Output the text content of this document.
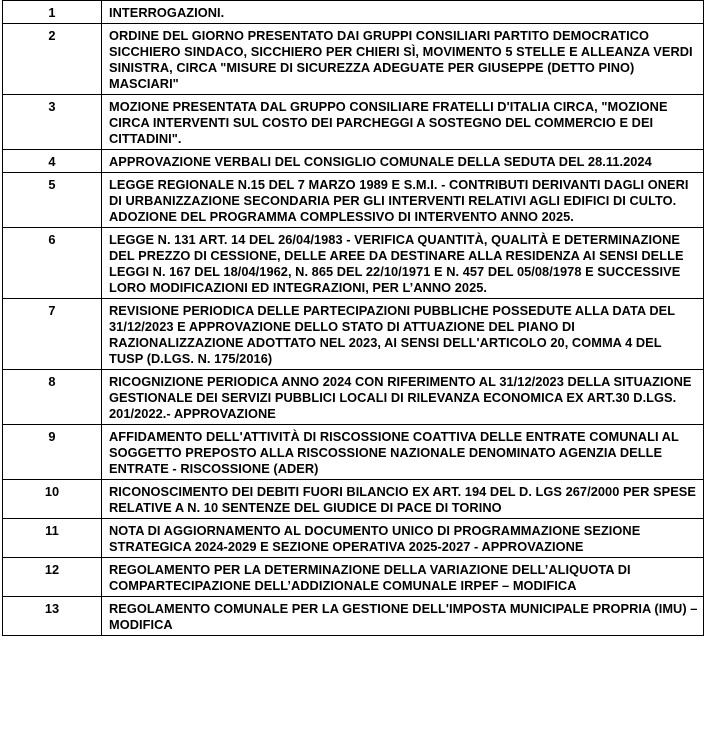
1	INTERROGAZIONI.
2	ORDINE DEL GIORNO PRESENTATO DAI GRUPPI CONSILIARI PARTITO DEMOCRATICO SICCHIERO SINDACO, SICCHIERO PER CHIERI SÌ, MOVIMENTO 5 STELLE E ALLEANZA VERDI SINISTRA, CIRCA "MISURE DI SICUREZZA ADEGUATE PER GIUSEPPE (DETTO PINO) MASCIARI"
3	MOZIONE PRESENTATA DAL GRUPPO CONSILIARE FRATELLI D'ITALIA CIRCA, "MOZIONE CIRCA INTERVENTI SUL COSTO DEI PARCHEGGI A SOSTEGNO DEL COMMERCIO E DEI CITTADINI".
4	APPROVAZIONE VERBALI DEL CONSIGLIO COMUNALE DELLA SEDUTA DEL 28.11.2024
5	LEGGE REGIONALE N.15 DEL 7 MARZO 1989 E S.M.I. - CONTRIBUTI DERIVANTI DAGLI ONERI DI URBANIZZAZIONE SECONDARIA PER GLI INTERVENTI RELATIVI AGLI EDIFICI DI CULTO. ADOZIONE DEL PROGRAMMA COMPLESSIVO DI INTERVENTO ANNO 2025.
6	LEGGE N. 131 ART. 14 DEL 26/04/1983 - VERIFICA QUANTITÀ, QUALITÀ E DETERMINAZIONE DEL PREZZO DI CESSIONE, DELLE AREE DA DESTINARE ALLA RESIDENZA AI SENSI DELLE LEGGI N. 167 DEL 18/04/1962, N. 865 DEL 22/10/1971 E N. 457 DEL 05/08/1978 E SUCCESSIVE LORO MODIFICAZIONI ED INTEGRAZIONI, PER L’ANNO 2025.
7	REVISIONE PERIODICA DELLE PARTECIPAZIONI PUBBLICHE POSSEDUTE ALLA DATA DEL 31/12/2023 E APPROVAZIONE DELLO STATO DI ATTUAZIONE DEL PIANO DI RAZIONALIZZAZIONE ADOTTATO NEL 2023, AI SENSI DELL'ARTICOLO 20, COMMA 4 DEL TUSP (D.LGS. N. 175/2016)
8	RICOGNIZIONE PERIODICA ANNO 2024 CON RIFERIMENTO AL 31/12/2023 DELLA SITUAZIONE GESTIONALE DEI SERVIZI PUBBLICI LOCALI DI RILEVANZA ECONOMICA EX ART.30 D.LGS. 201/2022.- APPROVAZIONE
9	AFFIDAMENTO DELL'ATTIVITÀ DI RISCOSSIONE COATTIVA DELLE ENTRATE COMUNALI AL SOGGETTO PREPOSTO ALLA RISCOSSIONE NAZIONALE DENOMINATO AGENZIA DELLE ENTRATE - RISCOSSIONE (ADER)
10	RICONOSCIMENTO DEI DEBITI FUORI BILANCIO EX ART. 194 DEL D. LGS 267/2000 PER SPESE RELATIVE A N. 10 SENTENZE DEL GIUDICE DI PACE DI TORINO
11	NOTA DI AGGIORNAMENTO AL DOCUMENTO UNICO DI PROGRAMMAZIONE SEZIONE STRATEGICA 2024-2029 E SEZIONE OPERATIVA 2025-2027 - APPROVAZIONE
12	REGOLAMENTO PER LA DETERMINAZIONE DELLA VARIAZIONE DELL’ALIQUOTA DI COMPARTECIPAZIONE DELL’ADDIZIONALE COMUNALE IRPEF – MODIFICA
13	REGOLAMENTO COMUNALE PER LA GESTIONE DELL'IMPOSTA MUNICIPALE PROPRIA (IMU) – MODIFICA
